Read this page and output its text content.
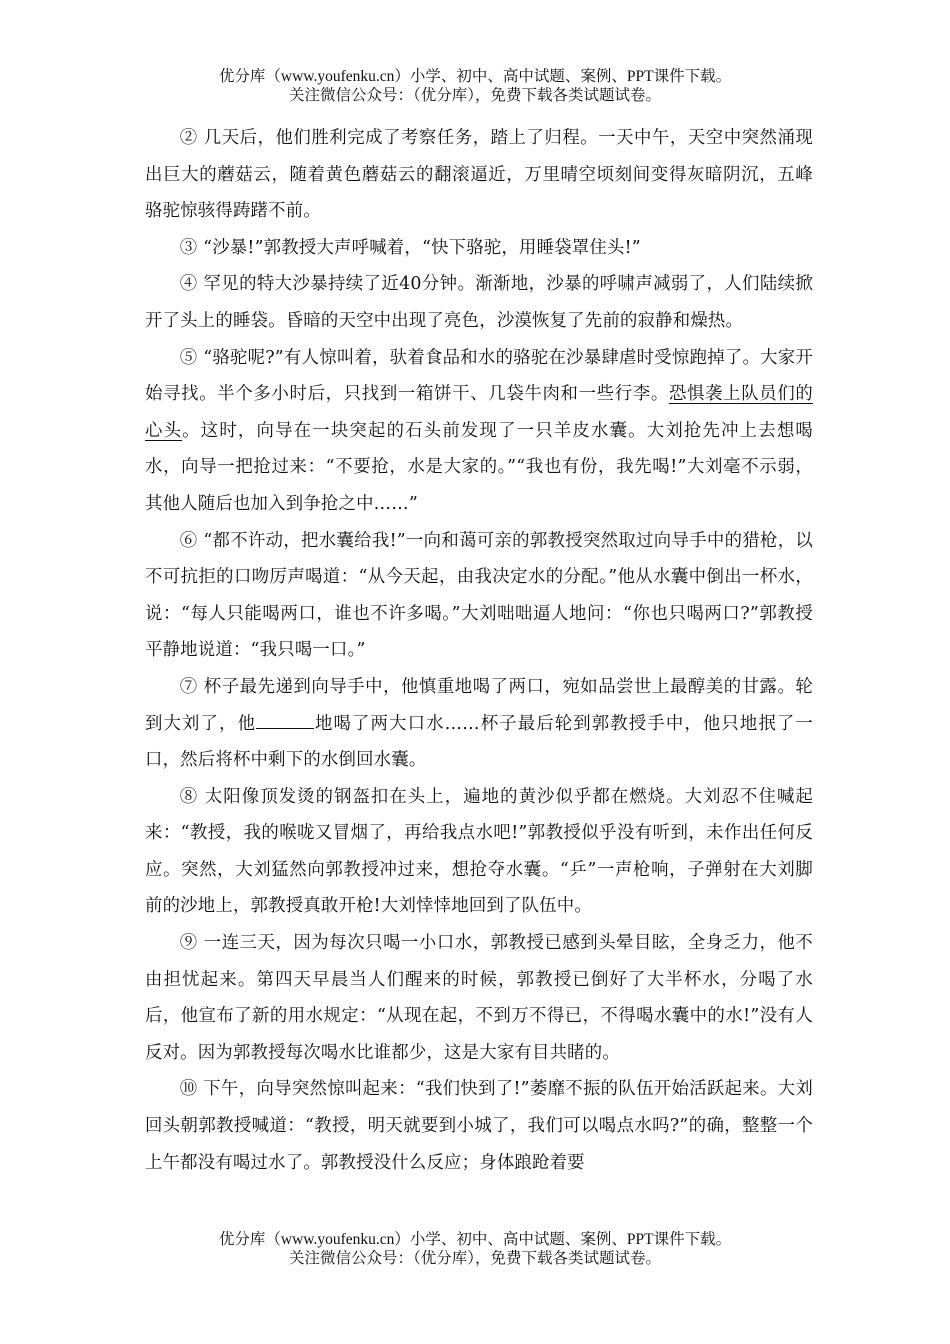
优分库（www.youfenku.cn）小学、初中、高中试题、案例、PPT课件下载。
关注微信公众号：（优分库），免费下载各类试题试卷。

② 几天后，他们胜利完成了考察任务，踏上了归程。一天中午，天空中突然涌现出巨大的蘑菇云，随着黄色蘑菇云的翻滚逼近，万里晴空顷刻间变得灰暗阴沉，五峰骆驼惊骇得踌躇不前。

③ “沙暴!”郭教授大声呼喊着，“快下骆驼，用睡袋罩住头!”

④ 罕见的特大沙暴持续了近40分钟。渐渐地，沙暴的呼啸声减弱了，人们陆续掀开了头上的睡袋。昏暗的天空中出现了亮色，沙漠恢复了先前的寂静和燥热。

⑤ “骆驼呢?”有人惊叫着，驮着食品和水的骆驼在沙暴肆虐时受惊跑掉了。大家开始寻找。半个多小时后，只找到一箱饼干、几袋牛肉和一些行李。恐惧袭上队员们的心头。这时，向导在一块突起的石头前发现了一只羊皮水囊。大刘抢先冲上去想喝水，向导一把抢过来：“不要抢，水是大家的。”“我也有份，我先喝!”大刘毫不示弱，其他人随后也加入到争抢之中……”

⑥ “都不许动，把水囊给我!”一向和蔼可亲的郭教授突然取过向导手中的猎枪，以不可抗拒的口吻厉声喝道：“从今天起，由我决定水的分配。”他从水囊中倒出一杯水，说：“每人只能喝两口，谁也不许多喝。”大刘咄咄逼人地问：“你也只喝两口?”郭教授平静地说道：“我只喝一口。”

⑦ 杯子最先递到向导手中，他慎重地喝了两口，宛如品尝世上最醇美的甘露。轮到大刘了，他	地喝了两大口水……杯子最后轮到郭教授手中，他只地抿了一口，然后将杯中剩下的水倒回水囊。

⑧ 太阳像顶发烫的钢盔扣在头上，遍地的黄沙似乎都在燃烧。大刘忍不住喊起来：“教授，我的喉咙又冒烟了，再给我点水吧!”郭教授似乎没有听到，未作出任何反应。突然，大刘猛然向郭教授冲过来，想抢夺水囊。“乒”一声枪响，子弹射在大刘脚前的沙地上，郭教授真敢开枪!大刘悻悻地回到了队伍中。

⑨ 一连三天，因为每次只喝一小口水，郭教授已感到头晕目眩，全身乏力，他不由担忧起来。第四天早晨当人们醒来的时候，郭教授已倒好了大半杯水，分喝了水后，他宣布了新的用水规定：“从现在起，不到万不得已，不得喝水囊中的水!”没有人反对。因为郭教授每次喝水比谁都少，这是大家有目共睹的。

⑩ 下午，向导突然惊叫起来：“我们快到了!”萎靡不振的队伍开始活跃起来。大刘回头朝郭教授喊道：“教授，明天就要到小城了，我们可以喝点水吗?”的确，整整一个上午都没有喝过水了。郭教授没什么反应；身体踉跄着要

优分库（www.youfenku.cn）小学、初中、高中试题、案例、PPT课件下载。
关注微信公众号：（优分库），免费下载各类试题试卷。
